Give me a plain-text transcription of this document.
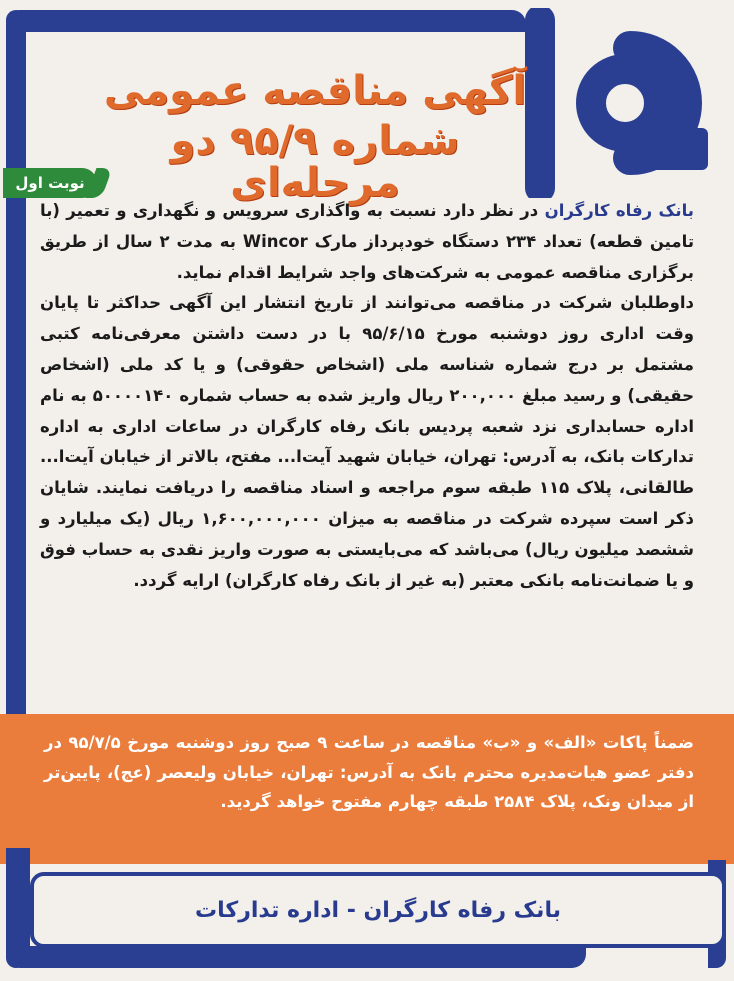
آگهی مناقصه عمومی
شماره ۹۵/۹ دو مرحله‌ای
نوبت اول

بانک رفاه کارگران در نظر دارد نسبت به واگذاری سرویس و نگهداری و تعمیر (با تامین قطعه) تعداد ۲۳۴ دستگاه خودپرداز مارک Wincor به مدت ۲ سال از طریق برگزاری مناقصه عمومی به شرکت‌های واجد شرایط اقدام نماید.

داوطلبان شرکت در مناقصه می‌توانند از تاریخ انتشار این آگهی حداکثر تا پایان وقت اداری روز دوشنبه مورخ ۹۵/۶/۱۵ با در دست داشتن معرفی‌نامه کتبی مشتمل بر درج شماره شناسه ملی (اشخاص حقوقی) و یا کد ملی (اشخاص حقیقی) و رسید مبلغ ۲۰۰,۰۰۰ ریال واریز شده به حساب شماره ۵۰۰۰۰۱۴۰ به نام اداره حسابداری نزد شعبه پردیس بانک رفاه کارگران در ساعات اداری به اداره تدارکات بانک، به آدرس: تهران، خیابان شهید آیت‌ا... مفتح، بالاتر از خیابان آیت‌ا... طالقانی، پلاک ۱۱۵ طبقه سوم مراجعه و اسناد مناقصه را دریافت نمایند. شایان ذکر است سپرده شرکت در مناقصه به میزان ۱,۶۰۰,۰۰۰,۰۰۰ ریال (یک میلیارد و ششصد میلیون ریال) می‌باشد که می‌بایستی به صورت واریز نقدی به حساب فوق و یا ضمانت‌نامه بانکی معتبر (به غیر از بانک رفاه کارگران) ارایه گردد.

ضمناً پاکات «الف» و «ب» مناقصه در ساعت ۹ صبح روز دوشنبه مورخ ۹۵/۷/۵ در دفتر عضو هیات‌مدیره محترم بانک به آدرس: تهران، خیابان ولیعصر (عج)، پایین‌تر از میدان ونک، پلاک ۲۵۸۴ طبقه چهارم مفتوح خواهد گردید.
بانک رفاه کارگران - اداره تدارکات
